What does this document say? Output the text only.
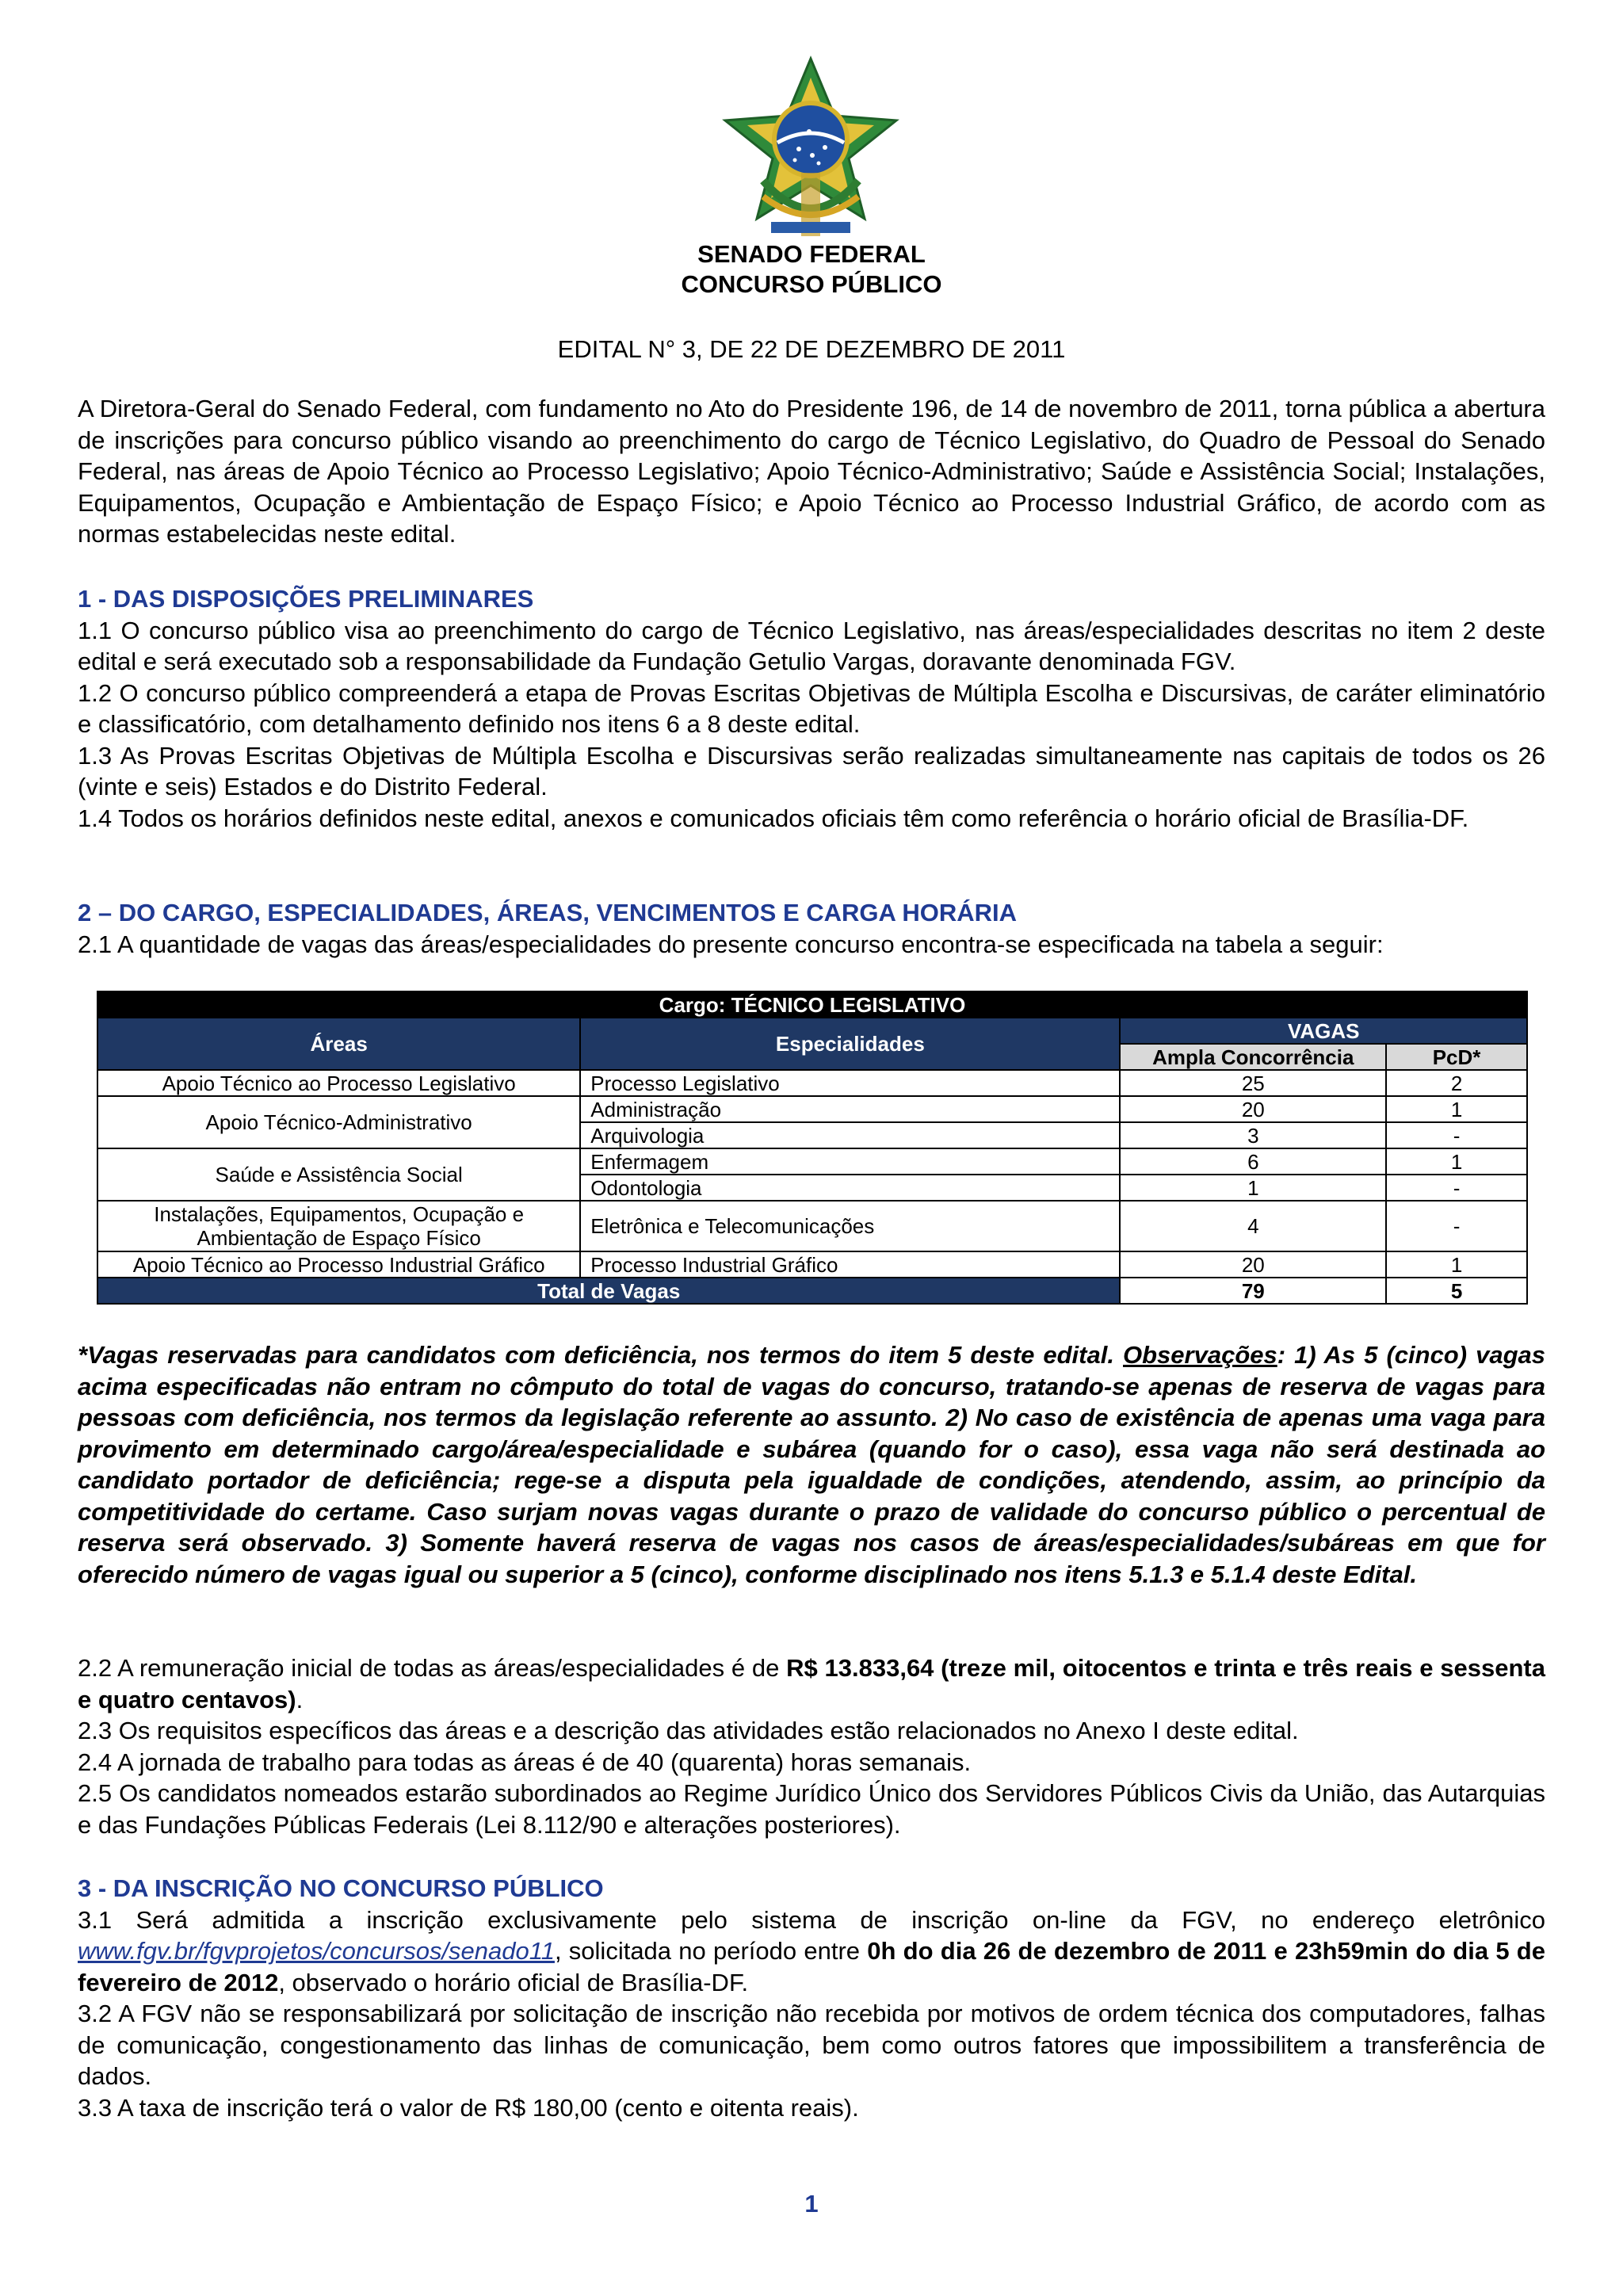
SENADO FEDERAL
CONCURSO PÚBLICO
EDITAL N° 3, DE 22 DE DEZEMBRO DE 2011
A Diretora-Geral do Senado Federal, com fundamento no Ato do Presidente 196, de 14 de novembro de 2011, torna pública a abertura de inscrições para concurso público visando ao preenchimento do cargo de Técnico Legislativo, do Quadro de Pessoal do Senado Federal, nas áreas de Apoio Técnico ao Processo Legislativo; Apoio Técnico-Administrativo; Saúde e Assistência Social; Instalações, Equipamentos, Ocupação e Ambientação de Espaço Físico; e Apoio Técnico ao Processo Industrial Gráfico, de acordo com as normas estabelecidas neste edital.

1 - DAS DISPOSIÇÕES PRELIMINARES

1.1 O concurso público visa ao preenchimento do cargo de Técnico Legislativo, nas áreas/especialidades descritas no item 2 deste edital e será executado sob a responsabilidade da Fundação Getulio Vargas, doravante denominada FGV.

1.2 O concurso público compreenderá a etapa de Provas Escritas Objetivas de Múltipla Escolha e Discursivas, de caráter eliminatório e classificatório, com detalhamento definido nos itens 6 a 8 deste edital.

1.3 As Provas Escritas Objetivas de Múltipla Escolha e Discursivas serão realizadas simultaneamente nas capitais de todos os 26 (vinte e seis) Estados e do Distrito Federal.

1.4 Todos os horários definidos neste edital, anexos e comunicados oficiais têm como referência o horário oficial de Brasília-DF.

2 – DO CARGO, ESPECIALIDADES, ÁREAS, VENCIMENTOS E CARGA HORÁRIA

2.1 A quantidade de vagas das áreas/especialidades do presente concurso encontra-se especificada na tabela a seguir:

Cargo: TÉCNICO LEGISLATIVO			
Áreas	Especialidades	VAGAS	
		Ampla Concorrência	PcD*
Apoio Técnico ao Processo Legislativo	Processo Legislativo	25	2
Apoio Técnico-Administrativo	Administração	20	1
	Arquivologia	3	-
Saúde e Assistência Social	Enfermagem	6	1
	Odontologia	1	-
Instalações, Equipamentos, Ocupação e Ambientação de Espaço Físico	Eletrônica e Telecomunicações	4	-
Apoio Técnico ao Processo Industrial Gráfico	Processo Industrial Gráfico	20	1
Total de Vagas		79	5
*Vagas reservadas para candidatos com deficiência, nos termos do item 5 deste edital. Observações: 1) As 5 (cinco) vagas acima especificadas não entram no cômputo do total de vagas do concurso, tratando-se apenas de reserva de vagas para pessoas com deficiência, nos termos da legislação referente ao assunto. 2) No caso de existência de apenas uma vaga para provimento em determinado cargo/área/especialidade e subárea (quando for o caso), essa vaga não será destinada ao candidato portador de deficiência; rege-se a disputa pela igualdade de condições, atendendo, assim, ao princípio da competitividade do certame. Caso surjam novas vagas durante o prazo de validade do concurso público o percentual de reserva será observado. 3) Somente haverá reserva de vagas nos casos de áreas/especialidades/subáreas em que for oferecido número de vagas igual ou superior a 5 (cinco), conforme disciplinado nos itens 5.1.3 e 5.1.4 deste Edital.

2.2 A remuneração inicial de todas as áreas/especialidades é de R$ 13.833,64 (treze mil, oitocentos e trinta e três reais e sessenta e quatro centavos).

2.3 Os requisitos específicos das áreas e a descrição das atividades estão relacionados no Anexo I deste edital.

2.4 A jornada de trabalho para todas as áreas é de 40 (quarenta) horas semanais.

2.5 Os candidatos nomeados estarão subordinados ao Regime Jurídico Único dos Servidores Públicos Civis da União, das Autarquias e das Fundações Públicas Federais (Lei 8.112/90 e alterações posteriores).

3 - DA INSCRIÇÃO NO CONCURSO PÚBLICO

3.1 Será admitida a inscrição exclusivamente pelo sistema de inscrição on-line da FGV, no endereço eletrônico www.fgv.br/fgvprojetos/concursos/senado11, solicitada no período entre 0h do dia 26 de dezembro de 2011 e 23h59min do dia 5 de fevereiro de 2012, observado o horário oficial de Brasília-DF.

3.2 A FGV não se responsabilizará por solicitação de inscrição não recebida por motivos de ordem técnica dos computadores, falhas de comunicação, congestionamento das linhas de comunicação, bem como outros fatores que impossibilitem a transferência de dados.

3.3 A taxa de inscrição terá o valor de R$ 180,00 (cento e oitenta reais).

1
